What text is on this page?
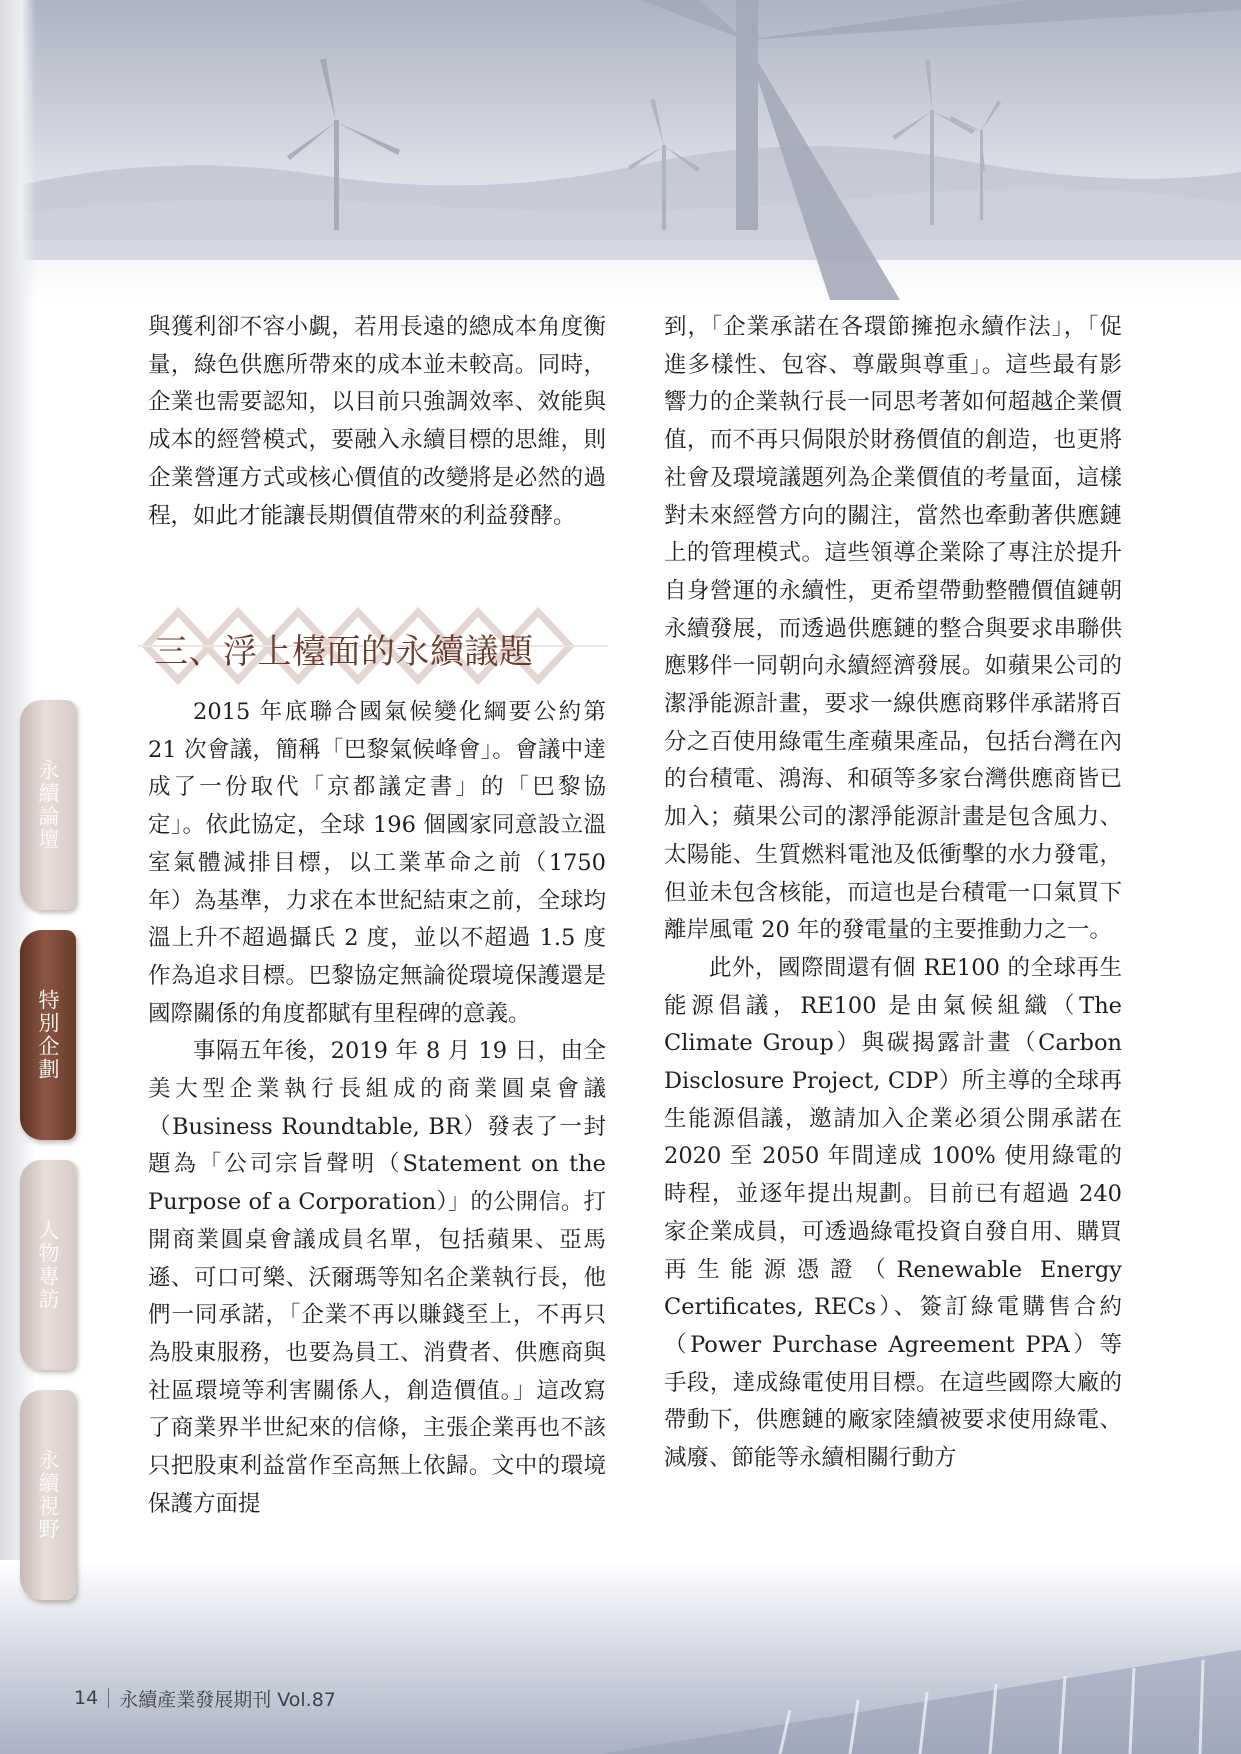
永續論壇
特別企劃
人物專訪
永續視野

與獲利卻不容小覷，若用長遠的總成本角度衡量，綠色供應所帶來的成本並未較高。同時，企業也需要認知，以目前只強調效率、效能與成本的經營模式，要融入永續目標的思維，則企業營運方式或核心價值的改變將是必然的過程，如此才能讓長期價值帶來的利益發酵。

三、浮上檯面的永續議題

2015 年底聯合國氣候變化綱要公約第 21 次會議，簡稱「巴黎氣候峰會」。會議中達成了一份取代「京都議定書」的「巴黎協定」。依此協定，全球 196 個國家同意設立溫室氣體減排目標，以工業革命之前（1750 年）為基準，力求在本世紀結束之前，全球均溫上升不超過攝氏 2 度，並以不超過 1.5 度作為追求目標。巴黎協定無論從環境保護還是國際關係的角度都賦有里程碑的意義。

事隔五年後，2019 年 8 月 19 日，由全美大型企業執行長組成的商業圓桌會議（Business Roundtable, BR）發表了一封題為「公司宗旨聲明（Statement on the Purpose of a Corporation）」的公開信。打開商業圓桌會議成員名單，包括蘋果、亞馬遜、可口可樂、沃爾瑪等知名企業執行長，他們一同承諾，「企業不再以賺錢至上，不再只為股東服務，也要為員工、消費者、供應商與社區環境等利害關係人，創造價值。」這改寫了商業界半世紀來的信條，主張企業再也不該只把股東利益當作至高無上依歸。文中的環境保護方面提

到，「企業承諾在各環節擁抱永續作法」，「促進多樣性、包容、尊嚴與尊重」。這些最有影響力的企業執行長一同思考著如何超越企業價值，而不再只侷限於財務價值的創造，也更將社會及環境議題列為企業價值的考量面，這樣對未來經營方向的關注，當然也牽動著供應鏈上的管理模式。這些領導企業除了專注於提升自身營運的永續性，更希望帶動整體價值鏈朝永續發展，而透過供應鏈的整合與要求串聯供應夥伴一同朝向永續經濟發展。如蘋果公司的潔淨能源計畫，要求一線供應商夥伴承諾將百分之百使用綠電生產蘋果產品，包括台灣在內的台積電、鴻海、和碩等多家台灣供應商皆已加入；蘋果公司的潔淨能源計畫是包含風力、太陽能、生質燃料電池及低衝擊的水力發電，但並未包含核能，而這也是台積電一口氣買下離岸風電 20 年的發電量的主要推動力之一。

此外，國際間還有個 RE100 的全球再生能源倡議，RE100 是由氣候組織（The Climate Group）與碳揭露計畫（Carbon Disclosure Project, CDP）所主導的全球再生能源倡議，邀請加入企業必須公開承諾在 2020 至 2050 年間達成 100% 使用綠電的時程，並逐年提出規劃。目前已有超過 240 家企業成員，可透過綠電投資自發自用、購買再生能源憑證（Renewable Energy Certificates, RECs）、簽訂綠電購售合約（Power Purchase Agreement PPA）等手段，達成綠電使用目標。在這些國際大廠的帶動下，供應鏈的廠家陸續被要求使用綠電、減廢、節能等永續相關行動方

14 永續產業發展期刊 Vol.87
